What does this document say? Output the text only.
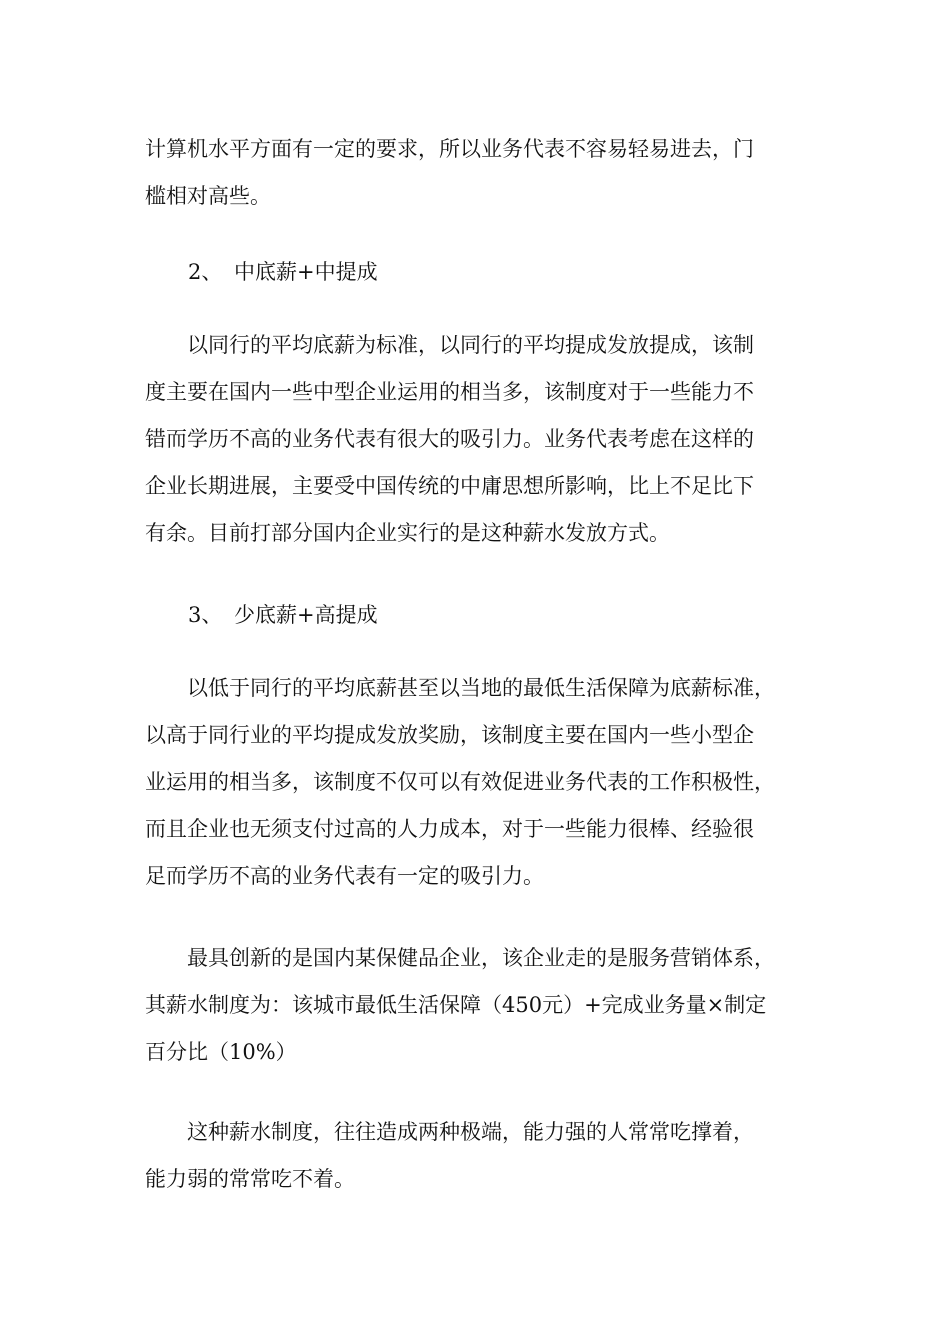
计算机水平方面有一定的要求，所以业务代表不容易轻易进去，门
槛相对高些。

2、 中底薪+中提成

以同行的平均底薪为标准，以同行的平均提成发放提成，该制
度主要在国内一些中型企业运用的相当多，该制度对于一些能力不
错而学历不高的业务代表有很大的吸引力。业务代表考虑在这样的
企业长期进展，主要受中国传统的中庸思想所影响，比上不足比下
有余。目前打部分国内企业实行的是这种薪水发放方式。

3、 少底薪+高提成

以低于同行的平均底薪甚至以当地的最低生活保障为底薪标准，
以高于同行业的平均提成发放奖励，该制度主要在国内一些小型企
业运用的相当多，该制度不仅可以有效促进业务代表的工作积极性，
而且企业也无须支付过高的人力成本，对于一些能力很棒、经验很
足而学历不高的业务代表有一定的吸引力。
最具创新的是国内某保健品企业，该企业走的是服务营销体系，
其薪水制度为：该城市最低生活保障（450元）+完成业务量×制定
百分比（10%）
这种薪水制度，往往造成两种极端，能力强的人常常吃撑着，
能力弱的常常吃不着。
